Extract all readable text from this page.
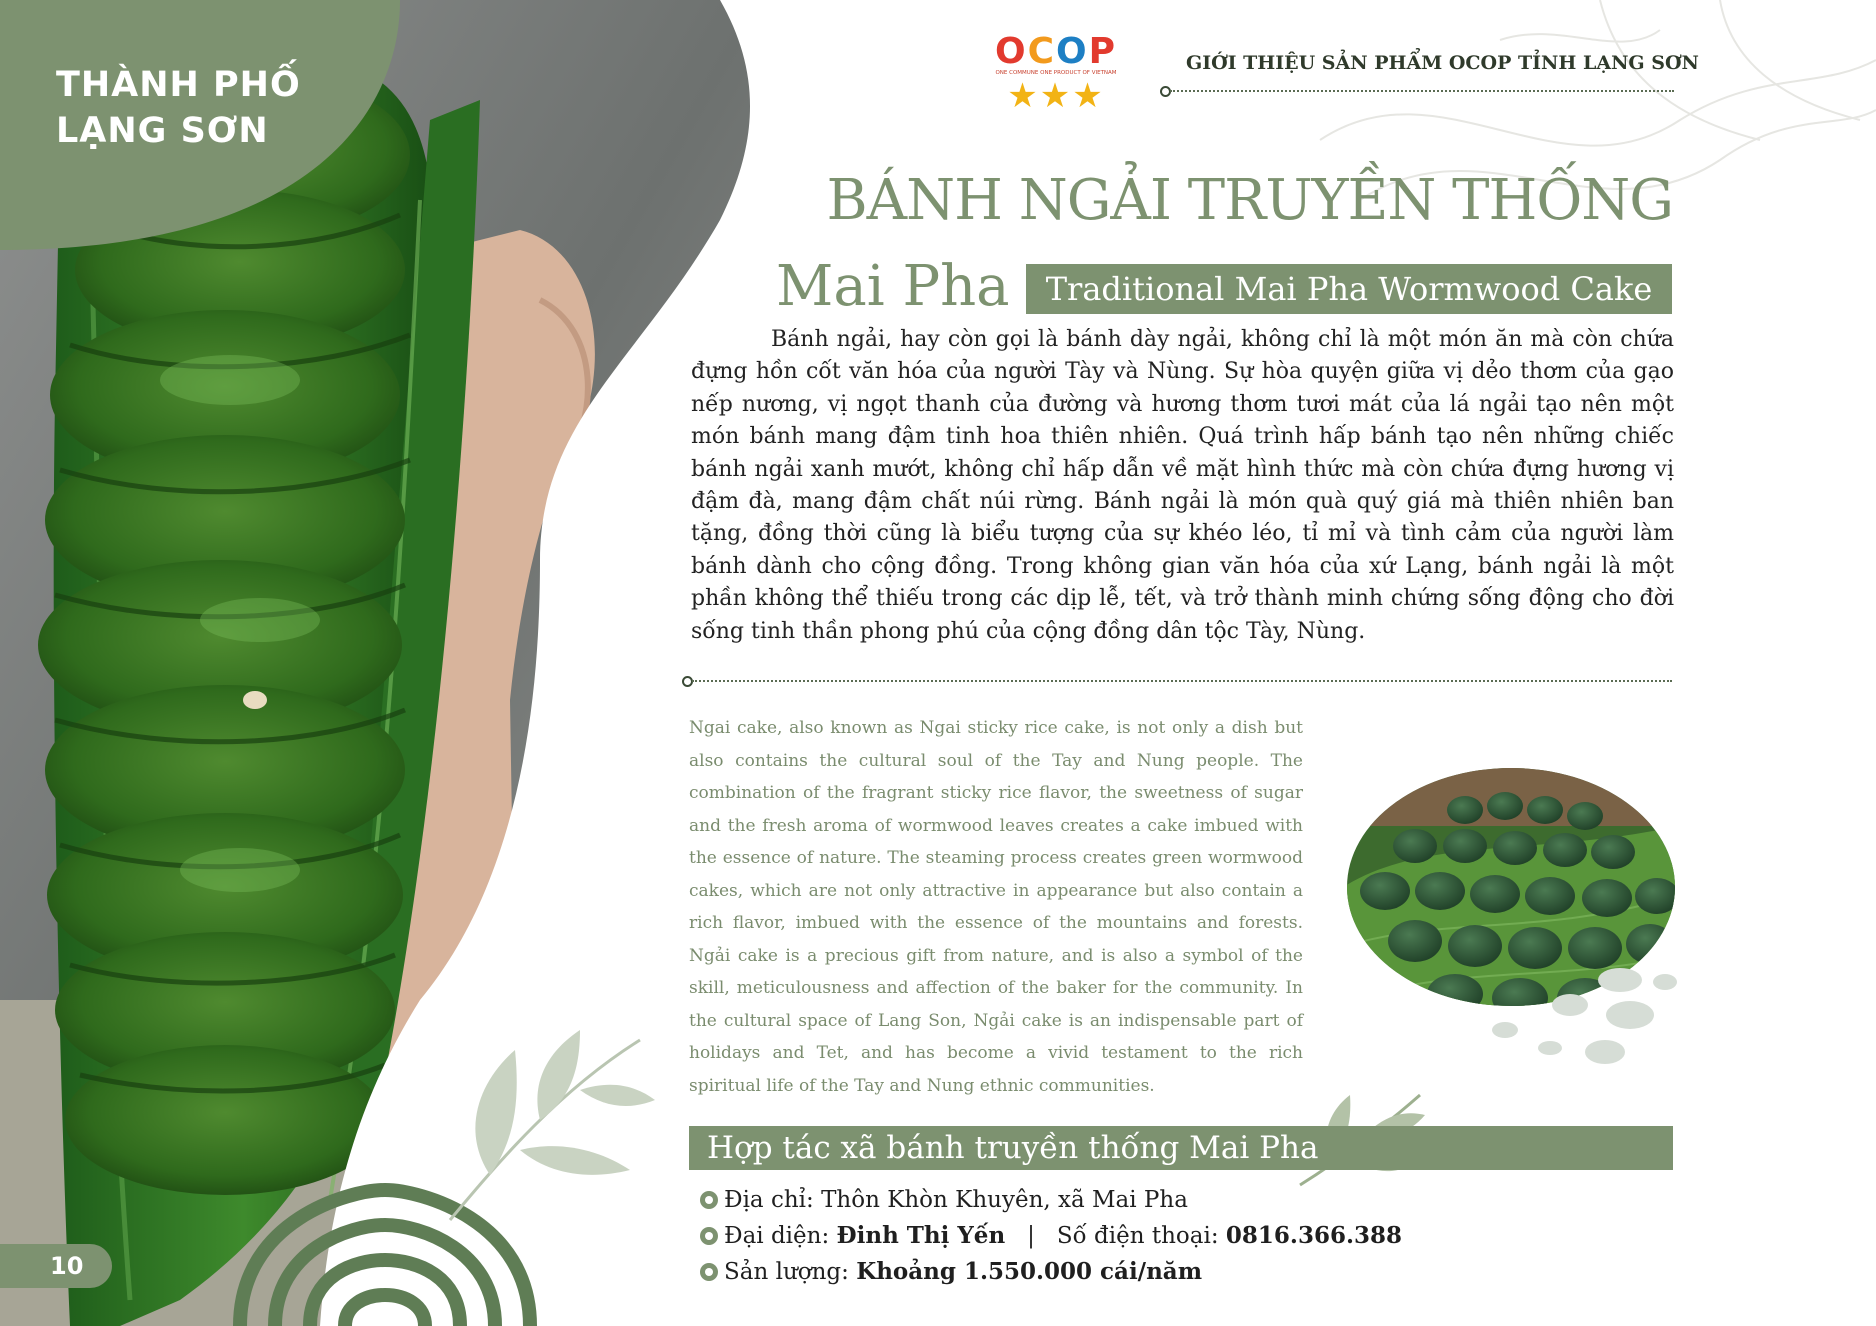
THÀNH PHỐ
LẠNG SƠN
10
OCOP
ONE COMMUNE ONE PRODUCT OF VIETNAM
★★★
GIỚI THIỆU SẢN PHẨM OCOP TỈNH LẠNG SƠN
BÁNH NGẢI TRUYỀN THỐNG
Mai Pha	Traditional Mai Pha Wormwood Cake

Bánh ngải, hay còn gọi là bánh dày ngải, không chỉ là một món ăn mà còn chứa đựng hồn cốt văn hóa của người Tày và Nùng. Sự hòa quyện giữa vị dẻo thơm của gạo nếp nương, vị ngọt thanh của đường và hương thơm tươi mát của lá ngải tạo nên một món bánh mang đậm tinh hoa thiên nhiên. Quá trình hấp bánh tạo nên những chiếc bánh ngải xanh mướt, không chỉ hấp dẫn về mặt hình thức mà còn chứa đựng hương vị đậm đà, mang đậm chất núi rừng. Bánh ngải là món quà quý giá mà thiên nhiên ban tặng, đồng thời cũng là biểu tượng của sự khéo léo, tỉ mỉ và tình cảm của người làm bánh dành cho cộng đồng. Trong không gian văn hóa của xứ Lạng, bánh ngải là một phần không thể thiếu trong các dịp lễ, tết, và trở thành minh chứng sống động cho đời sống tinh thần phong phú của cộng đồng dân tộc Tày, Nùng.

Ngai cake, also known as Ngai sticky rice cake, is not only a dish but also contains the cultural soul of the Tay and Nung people. The combination of the fragrant sticky rice flavor, the sweetness of sugar and the fresh aroma of wormwood leaves creates a cake imbued with the essence of nature. The steaming process creates green wormwood cakes, which are not only attractive in appearance but also contain a rich flavor, imbued with the essence of the mountains and forests. Ngải cake is a precious gift from nature, and is also a symbol of the skill, meticulousness and affection of the baker for the community. In the cultural space of Lang Son, Ngải cake is an indispensable part of holidays and Tet, and has become a vivid testament to the rich spiritual life of the Tay and Nung ethnic communities.

Hợp tác xã bánh truyền thống Mai Pha
Địa chỉ: Thôn Khòn Khuyên, xã Mai Pha
Đại diện: Đinh Thị Yến | Số điện thoại: 0816.366.388
Sản lượng: Khoảng 1.550.000 cái/năm
